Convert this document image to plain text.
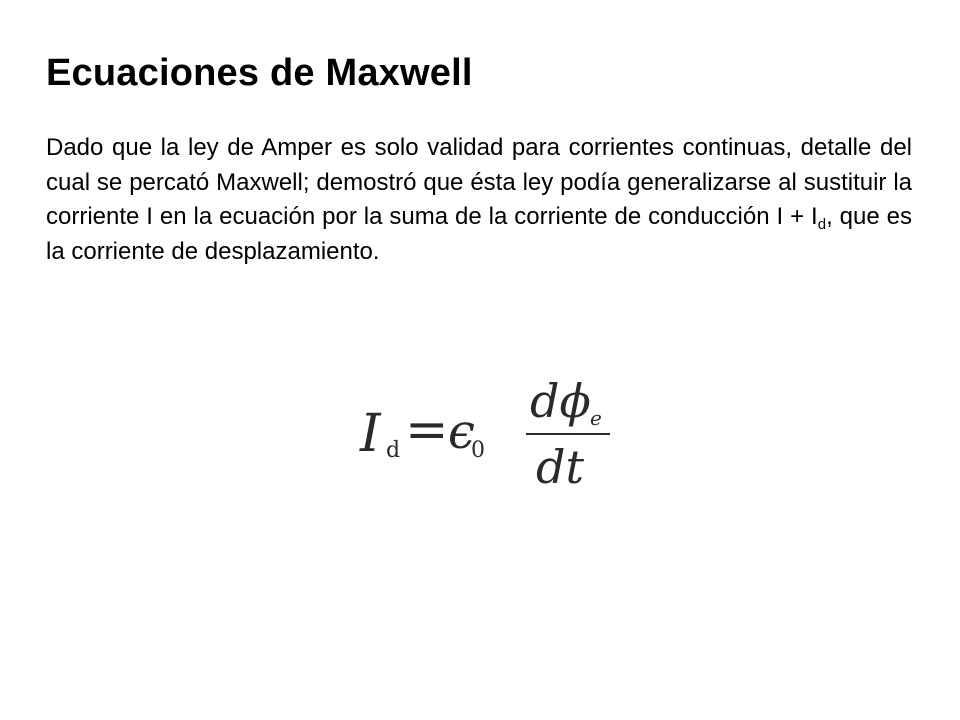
Ecuaciones de Maxwell

Dado que la ley de Amper es solo validad para corrientes continuas, detalle del cual se percató Maxwell; demostró que ésta ley podía generalizarse al sustituir la corriente I en la ecuación por la suma de la corriente de conducción $I + I_d$, que es la corriente de desplazamiento.

I d = ϵ
0
dϕ e
dt
